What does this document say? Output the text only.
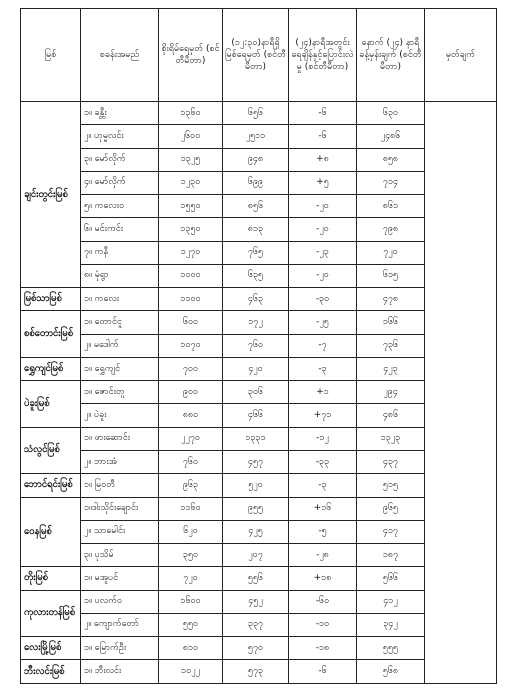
မြစ်	စခန်းအမည်	စိုးရိမ်ရေမှတ် (စင်တီမီတာ)	(၁၂:၃၀)နာရီရှိ မြစ်ရေမှတ် (စင်တီမီတာ)	(၂၄)နာရီအတွင်း ရေချိန်နှင့်ပြောင်းလဲမှု (စင်တီမီတာ)	နောက် (၂၄) နာရီ ခန့်မှန်းချက် (စင်တီမီတာ)	မှတ်ချက်
ချင်းတွင်းမြစ်	၁။ ခန္တီး	၁၃၆၀	၆၅၆	-၆	၆၃၀	
	၂။ ဟုမ္မလင်း	၂၆၀၀	၂၅၁၁	-၆	၂၄၈၆	
	၃။ မော်လိုက်	၁၃၂၅	၉၄၈	+၈	၈၅၈	
	၄။ မော်လိုက်	၁၂၃၀	၆၉၉	+၅	၇၁၄	
	၅။ ကလေး၀	၁၅၅၀	၈၅၆	-၂၀	၈၆၁	
	၆။ မင်းကင်း	၁၃၅၀	၈၁၃	-၂၀	၇၉၈	
	၇။ ကနီ	၁၂၇၀	၇၆၅	-၂၃	၇၂၀	
	၈။ မုံရွာ	၁၀၀၀	၆၃၅	-၂၀	၆၁၅	
မြစ်သာမြစ်	၁။ ကလေး	၁၁၀၀	၄၆၃	-၃၀	၄၇၈	
စစ်တောင်းမြစ်	၁။ တောင်ငူ	၆၀၀	၁၇၂	-၂၅	၁၆၆	
	၂။ မဒေါက်	၁၀၇၀	၇၆၀	-၇	၇၃၆	
ရွှေကျင်မြစ်	၁။ ရွှေကျင်	၇၀၀	၄၂၀	-၃	၄၂၃	
ပဲခူးမြစ်	၁။ ဇောင်းတူ	၉၀၀	၃၀၆	+၁	၂၉၄	
	၂။ ပဲခူး	၈၈၀	၄၆၆	+၇၁	၄၈၆	
သံလွင်မြစ်	၁။ ဖားဆောင်း	၂၂၇၀	၁၃၃၁	-၁၂	၁၃၂၃	
	၂။ ဘားအံ	၇၆၀	၄၅၇	-၃၃	၄၃၇	
ဘောင်ရင်းမြစ်	၁။ မြဝတီ	၉၆၃	၅၂၀	-၃	၅၁၅	
ဝေနမြစ်	၁။ဒါးသိုင်းချောင်း	၁၁၆၀	၉၅၅	+၁၆	၉၆၅	
	၂။ သာမေါင်း	၆၂၀	၄၂၅	-၅	၄၁၇	
	၃။ ပုသိမ်	၃၅၀	၂၀၇	-၂၈	၁၈၇	
တိုးမြစ်	၁။ မအူပင်	၇၂၀	၅၅၆	+၁၈	၅၆၆	
ကုလားတန်မြစ်	၁။ ပလက်ဝ	၁၆၀၀	၄၅၂	-၆၀	၄၁၂	
	၂။ ကျောက်တော်	၅၅၀	၃၃၇	-၁၀	၃၄၂	
လေးမြို့မြစ်	၁။ မြောက်ဦး	၈၁၀	၅၇၀	-၁၈	၅၅၅	
ဘီးလင်းမြစ်	၁။ ဘီးလင်း	၁၀၂၂	၅၇၃	-၆	၅၆၈	
